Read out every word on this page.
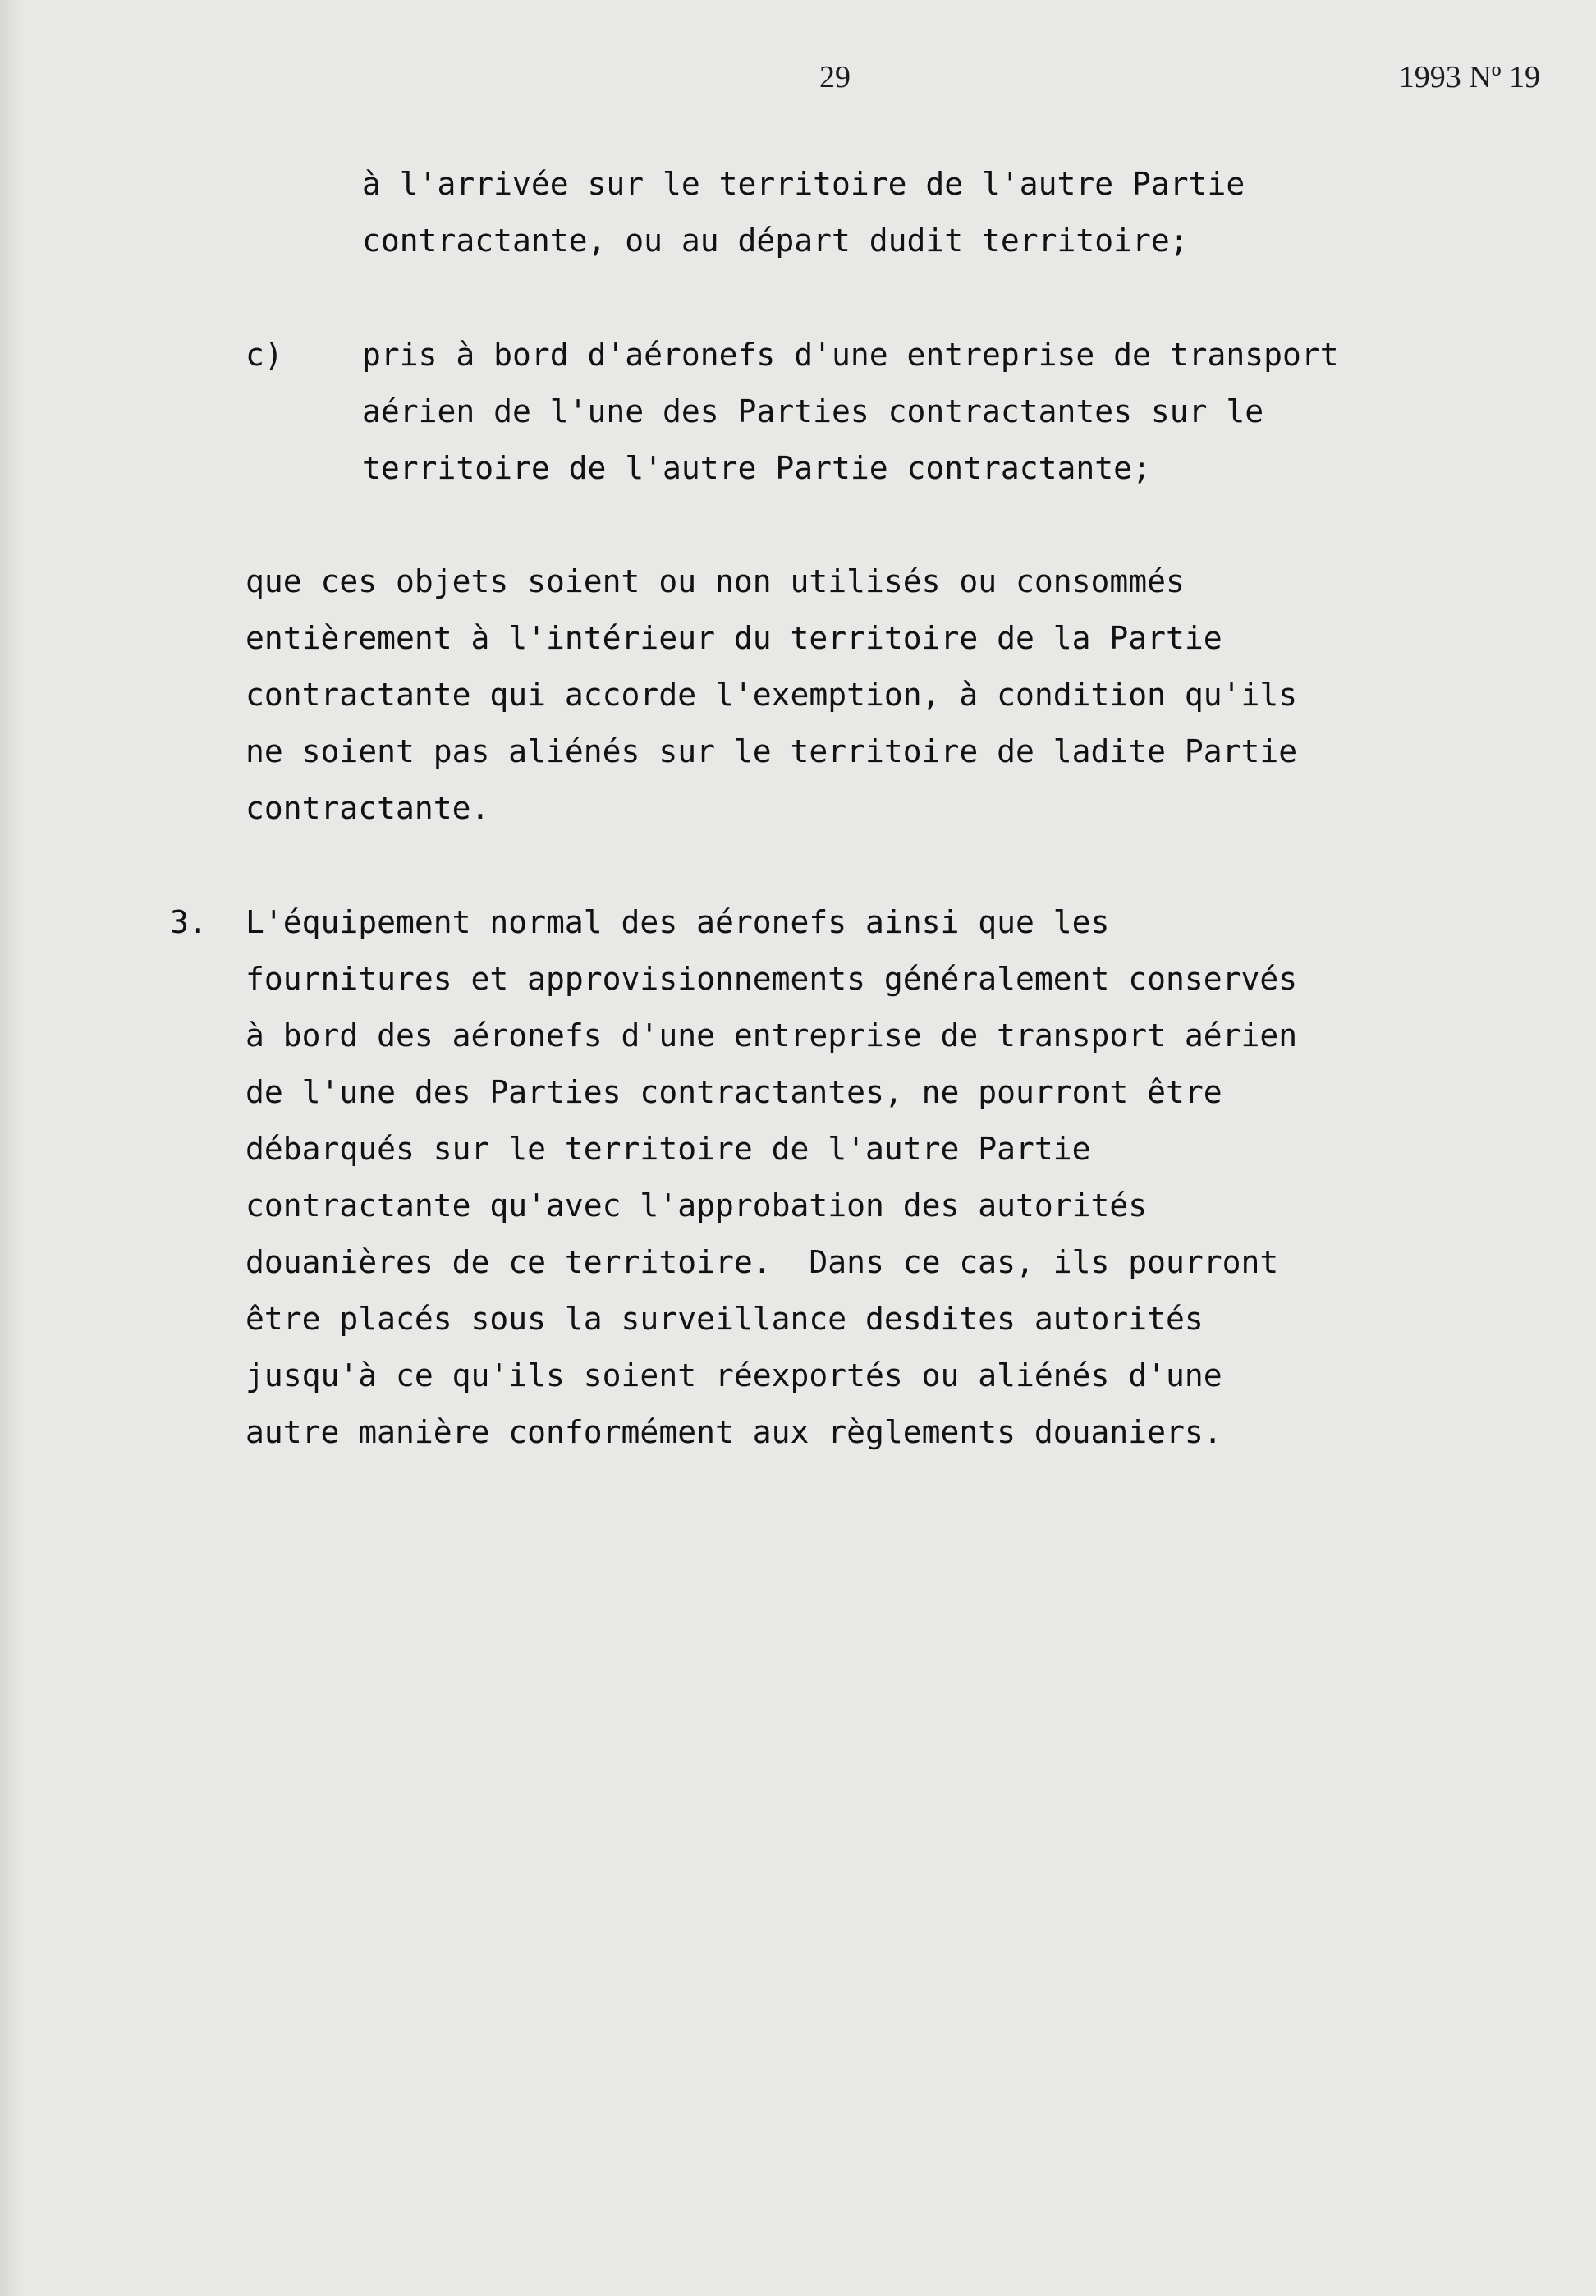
29	1993 Nº 19
à l'arrivée sur le territoire de l'autre Partie
contractante, ou au départ dudit territoire;
c)	pris à bord d'aéronefs d'une entreprise de transport
aérien de l'une des Parties contractantes sur le
territoire de l'autre Partie contractante;
que ces objets soient ou non utilisés ou consommés
entièrement à l'intérieur du territoire de la Partie
contractante qui accorde l'exemption, à condition qu'ils
ne soient pas aliénés sur le territoire de ladite Partie
contractante.
3. L'équipement normal des aéronefs ainsi que les
fournitures et approvisionnements généralement conservés
à bord des aéronefs d'une entreprise de transport aérien
de l'une des Parties contractantes, ne pourront être
débarqués sur le territoire de l'autre Partie
contractante qu'avec l'approbation des autorités
douanières de ce territoire.  Dans ce cas, ils pourront
être placés sous la surveillance desdites autorités
jusqu'à ce qu'ils soient réexportés ou aliénés d'une
autre manière conformément aux règlements douaniers.
